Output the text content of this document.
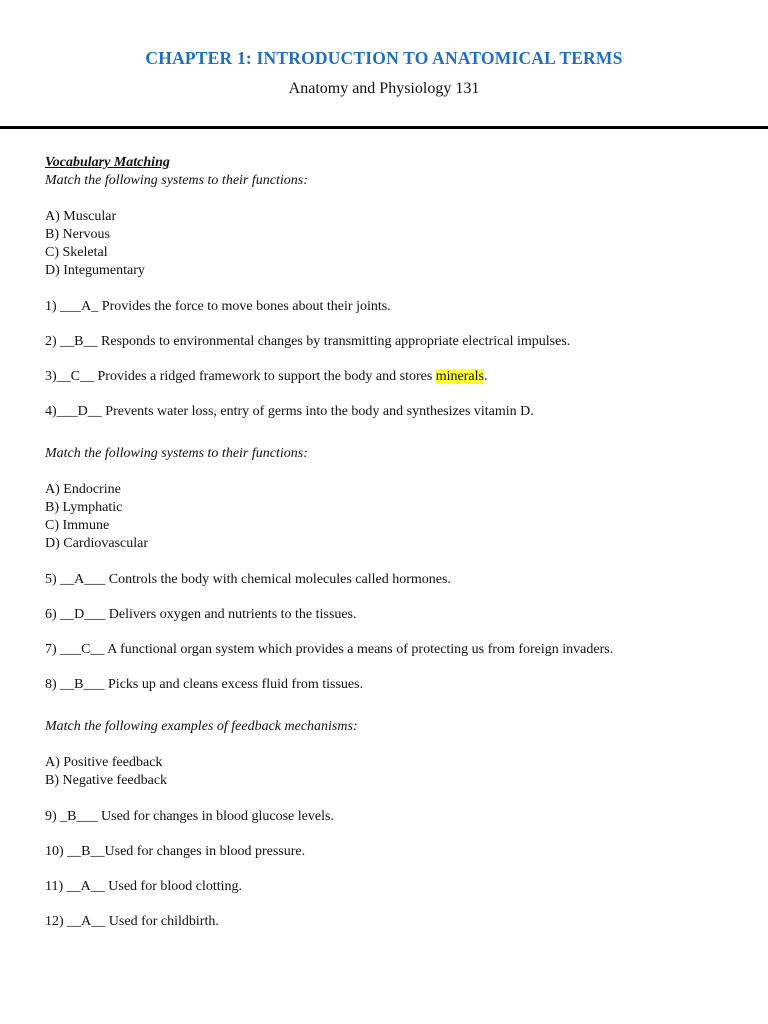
CHAPTER 1: INTRODUCTION TO ANATOMICAL TERMS
Anatomy and Physiology 131

Vocabulary Matching

Match the following systems to their functions:

A) Muscular

B) Nervous

C) Skeletal

D) Integumentary

1) ___A_ Provides the force to move bones about their joints.

2) __B__ Responds to environmental changes by transmitting appropriate electrical impulses.

3)__C__ Provides a ridged framework to support the body and stores minerals.

4)___D__ Prevents water loss, entry of germs into the body and synthesizes vitamin D.

Match the following systems to their functions:

A) Endocrine

B) Lymphatic

C) Immune

D) Cardiovascular

5) __A___ Controls the body with chemical molecules called hormones.

6) __D___ Delivers oxygen and nutrients to the tissues.

7) ___C__ A functional organ system which provides a means of protecting us from foreign invaders.

8) __B___ Picks up and cleans excess fluid from tissues.

Match the following examples of feedback mechanisms:

A) Positive feedback

B) Negative feedback

9) _B___ Used for changes in blood glucose levels.

10) __B__Used for changes in blood pressure.

11) __A__ Used for blood clotting.

12) __A__ Used for childbirth.
